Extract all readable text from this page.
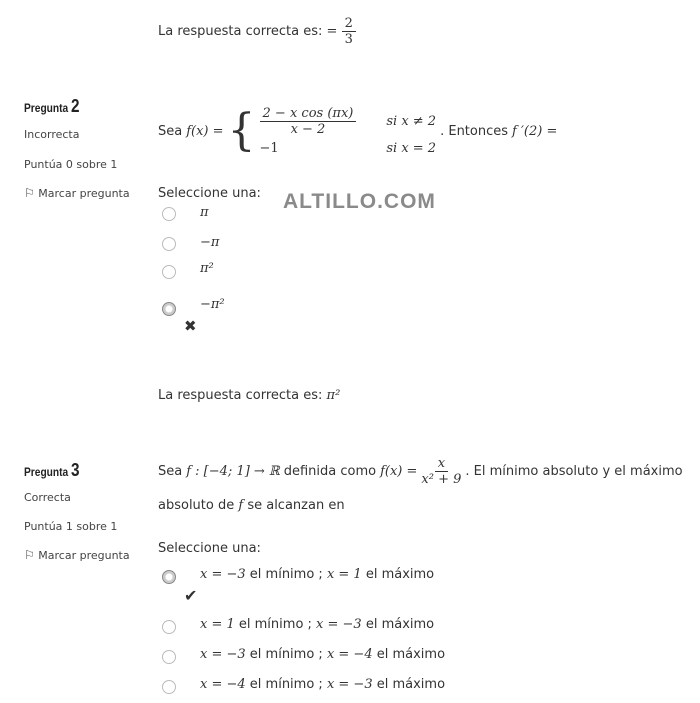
La respuesta correcta es: = $\frac{2}{3}$
Pregunta 2
Incorrecta
Puntúa 0 sobre 1
⚐ Marcar pregunta
Sea f(x) = { $\frac{\text{2 − x cos (πx)}}{x - 2}$ si x ≠ 2
−1	si x = 2
. Entonces f ′(2) =
Seleccione una: ALTILLO.COM
π
−π
π²
−π²
✖
La respuesta correcta es: π²
Pregunta 3
Correcta
Puntúa 1 sobre 1
⚐ Marcar pregunta
Sea f : [−4; 1] → ℝ definida como $f(x) = \frac{x}{\text{x² + 9}}$ . El mínimo absoluto y el máximo
absoluto de f se alcanzan en
Seleccione una:
x = −3 el mínimo ; x = 1 el máximo
✔
x = 1 el mínimo ; x = −3 el máximo
x = −3 el mínimo ; x = −4 el máximo
x = −4 el mínimo ; x = −3 el máximo
